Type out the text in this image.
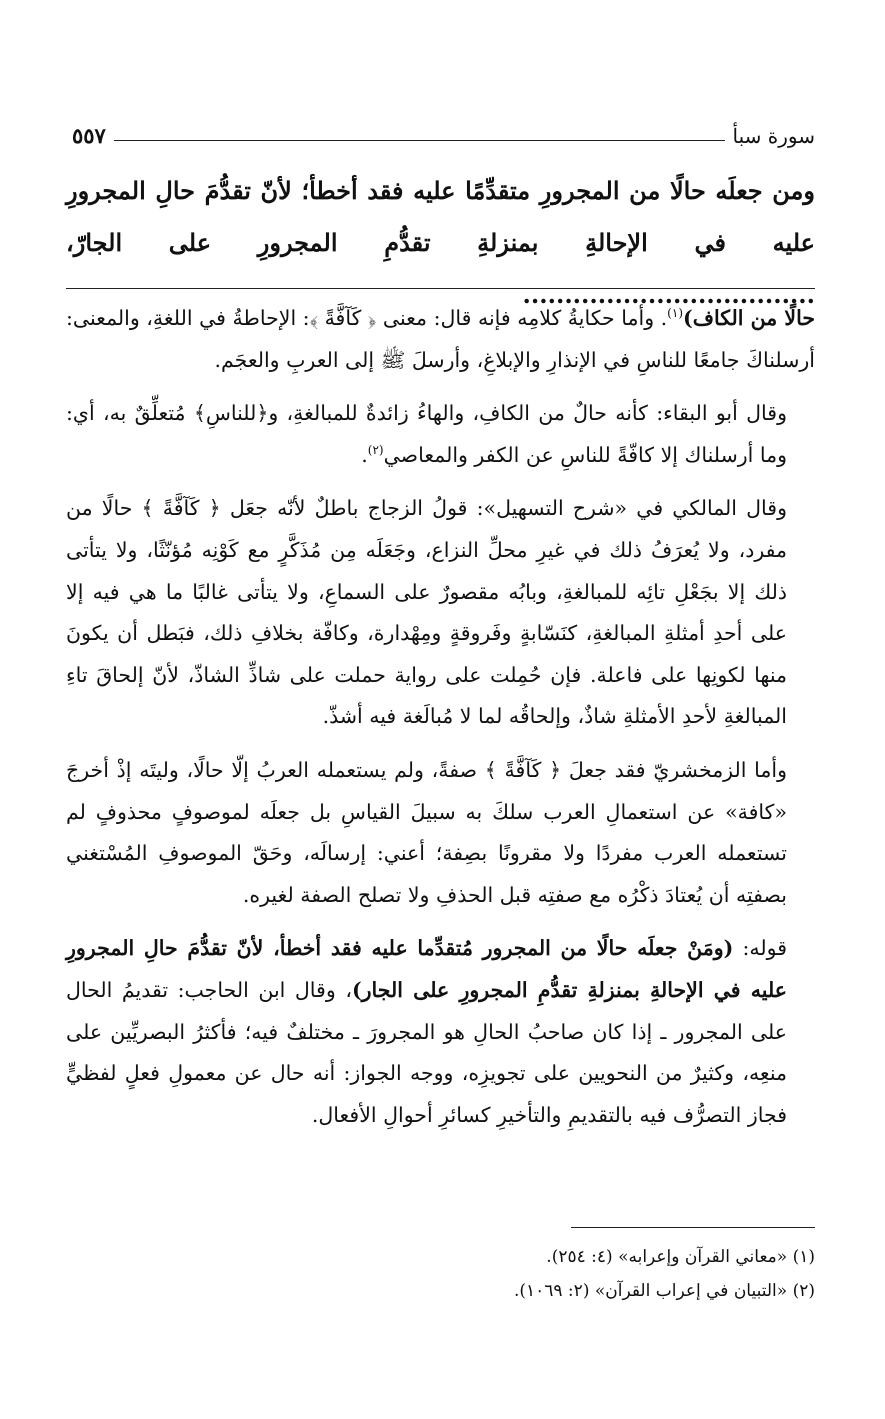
سورة سبأ
٥٥٧
ومن جعلَه حالًا من المجرورِ متقدِّمًا عليه فقد أخطأ؛ لأنّ تقدُّمَ حالِ المجرورِ عليه في الإحالةِ بمنزلةِ تقدُّمِ المجرورِ على الجارّ، ...................................

حالًا من الكاف)$^{(١)}$. وأما حكايةُ كلامِه فإنه قال: معنى ﴿ كَآفَّةً ﴾: الإحاطةُ في اللغةِ، والمعنى: أرسلناكَ جامعًا للناسِ في الإنذارِ والإبلاغِ، وأرسلَ ﷺ إلى العربِ والعجَم.

وقال أبو البقاء: كأنه حالٌ من الكافِ، والهاءُ زائدةٌ للمبالغةِ، و﴿للناسِ﴾ مُتعلِّقٌ به، أي: وما أرسلناك إلا كافّةً للناسِ عن الكفر والمعاصي$^{(٢)}$.

وقال المالكي في «شرح التسهيل»: قولُ الزجاج باطلٌ لأنّه جعَل ﴿ كَآفَّةً ﴾ حالًا من مفرد، ولا يُعرَفُ ذلك في غيرِ محلِّ النزاع، وجَعَلَه مِن مُذَكَّرٍ مع كَوْنِه مُؤنّثًا، ولا يتأتى ذلك إلا بجَعْلِ تائِه للمبالغةِ، وبابُه مقصورٌ على السماعِ، ولا يتأتى غالبًا ما هي فيه إلا على أحدِ أمثلةِ المبالغةِ، كنَسّابةٍ وفَروقةٍ ومِهْدارة، وكافّة بخلافِ ذلك، فبَطل أن يكونَ منها لكونِها على فاعلة. فإن حُمِلت على رواية حملت على شاذِّ الشاذّ، لأنّ إلحاقَ تاءِ المبالغةِ لأحدِ الأمثلةِ شاذٌ، وإلحاقُه لما لا مُبالَغة فيه أشذّ.

وأما الزمخشريّ فقد جعلَ ﴿ كَآفَّةً ﴾ صفةً، ولم يستعمله العربُ إلّا حالًا، وليتَه إذْ أخرجَ «كافة» عن استعمالِ العرب سلكَ به سبيلَ القياسِ بل جعلَه لموصوفٍ محذوفٍ لم تستعمله العرب مفردًا ولا مقرونًا بصِفة؛ أعني: إرسالَه، وحَقّ الموصوفِ المُسْتغني بصفتِه أن يُعتادَ ذكْرُه مع صفتِه قبل الحذفِ ولا تصلح الصفة لغيره.

قوله: (ومَنْ جعلَه حالًا من المجرور مُتقدِّما عليه فقد أخطأ، لأنّ تقدُّمَ حالِ المجرورِ عليه في الإحالةِ بمنزلةِ تقدُّمِ المجرورِ على الجار)، وقال ابن الحاجب: تقديمُ الحال على المجرور ـ إذا كان صاحبُ الحالِ هو المجرورَ ـ مختلفٌ فيه؛ فأكثرُ البصريِّين على منعِه، وكثيرٌ من النحويين على تجويزِه، ووجه الجواز: أنه حال عن معمولِ فعلٍ لفظيٍّ فجاز التصرُّف فيه بالتقديمِ والتأخيرِ كسائرِ أحوالِ الأفعال.

(١) «معاني القرآن وإعرابه» (٤: ٢٥٤).
(٢) «التبيان في إعراب القرآن» (٢: ١٠٦٩).
